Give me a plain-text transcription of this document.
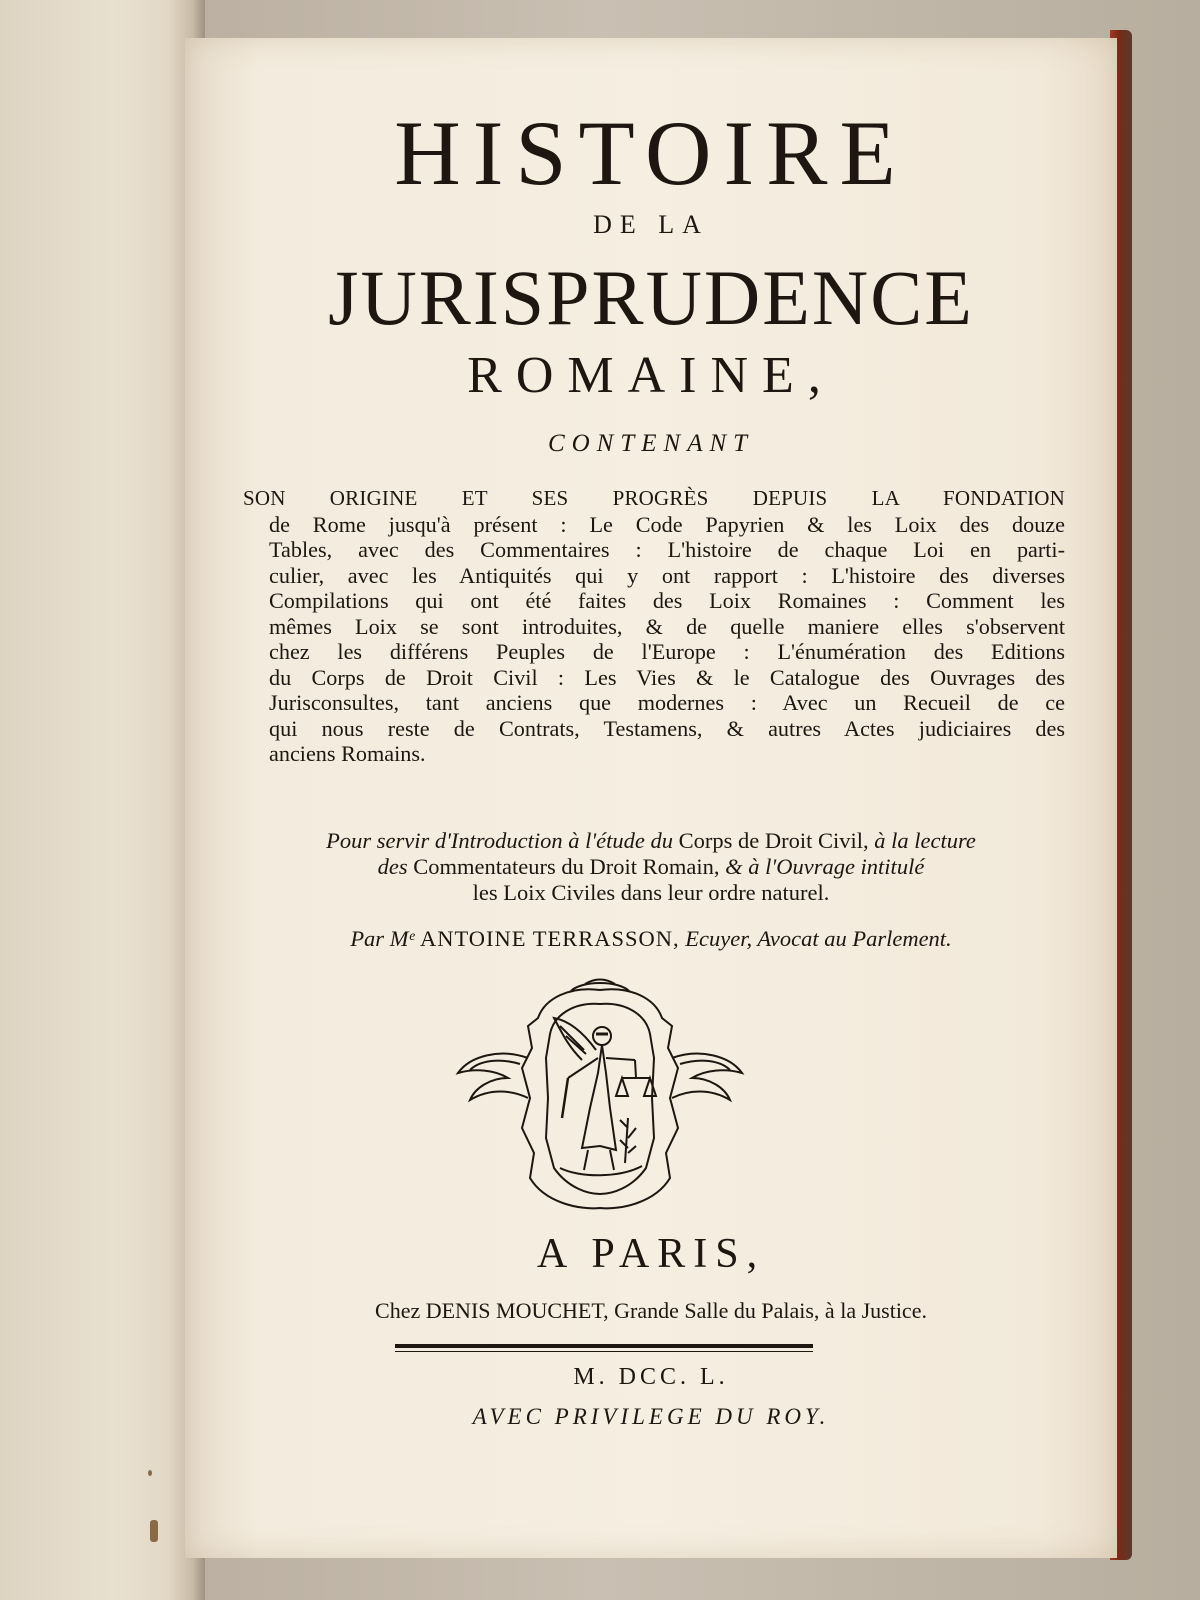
HISTOIRE
DE LA
JURISPRUDENCE
ROMAINE,
CONTENANT
SON ORIGINE ET SES PROGRÈS DEPUIS LA FONDATION
de Rome jusqu'à présent : Le Code Papyrien & les Loix des douze
Tables, avec des Commentaires : L'histoire de chaque Loi en parti-
culier, avec les Antiquités qui y ont rapport : L'histoire des diverses
Compilations qui ont été faites des Loix Romaines : Comment les
mêmes Loix se sont introduites, & de quelle maniere elles s'observent
chez les différens Peuples de l'Europe : L'énumération des Editions
du Corps de Droit Civil : Les Vies & le Catalogue des Ouvrages des
Jurisconsultes, tant anciens que modernes : Avec un Recueil de ce
qui nous reste de Contrats, Testamens, & autres Actes judiciaires des
anciens Romains.
Pour servir d'Introduction à l'étude du Corps de Droit Civil, à la lecture
des Commentateurs du Droit Romain, & à l'Ouvrage intitulé
les Loix Civiles dans leur ordre naturel.
Par Mᵉ ANTOINE TERRASSON, Ecuyer, Avocat au Parlement.
A PARIS,
Chez DENIS MOUCHET, Grande Salle du Palais, à la Justice.
M. DCC. L.
AVEC PRIVILEGE DU ROY.
